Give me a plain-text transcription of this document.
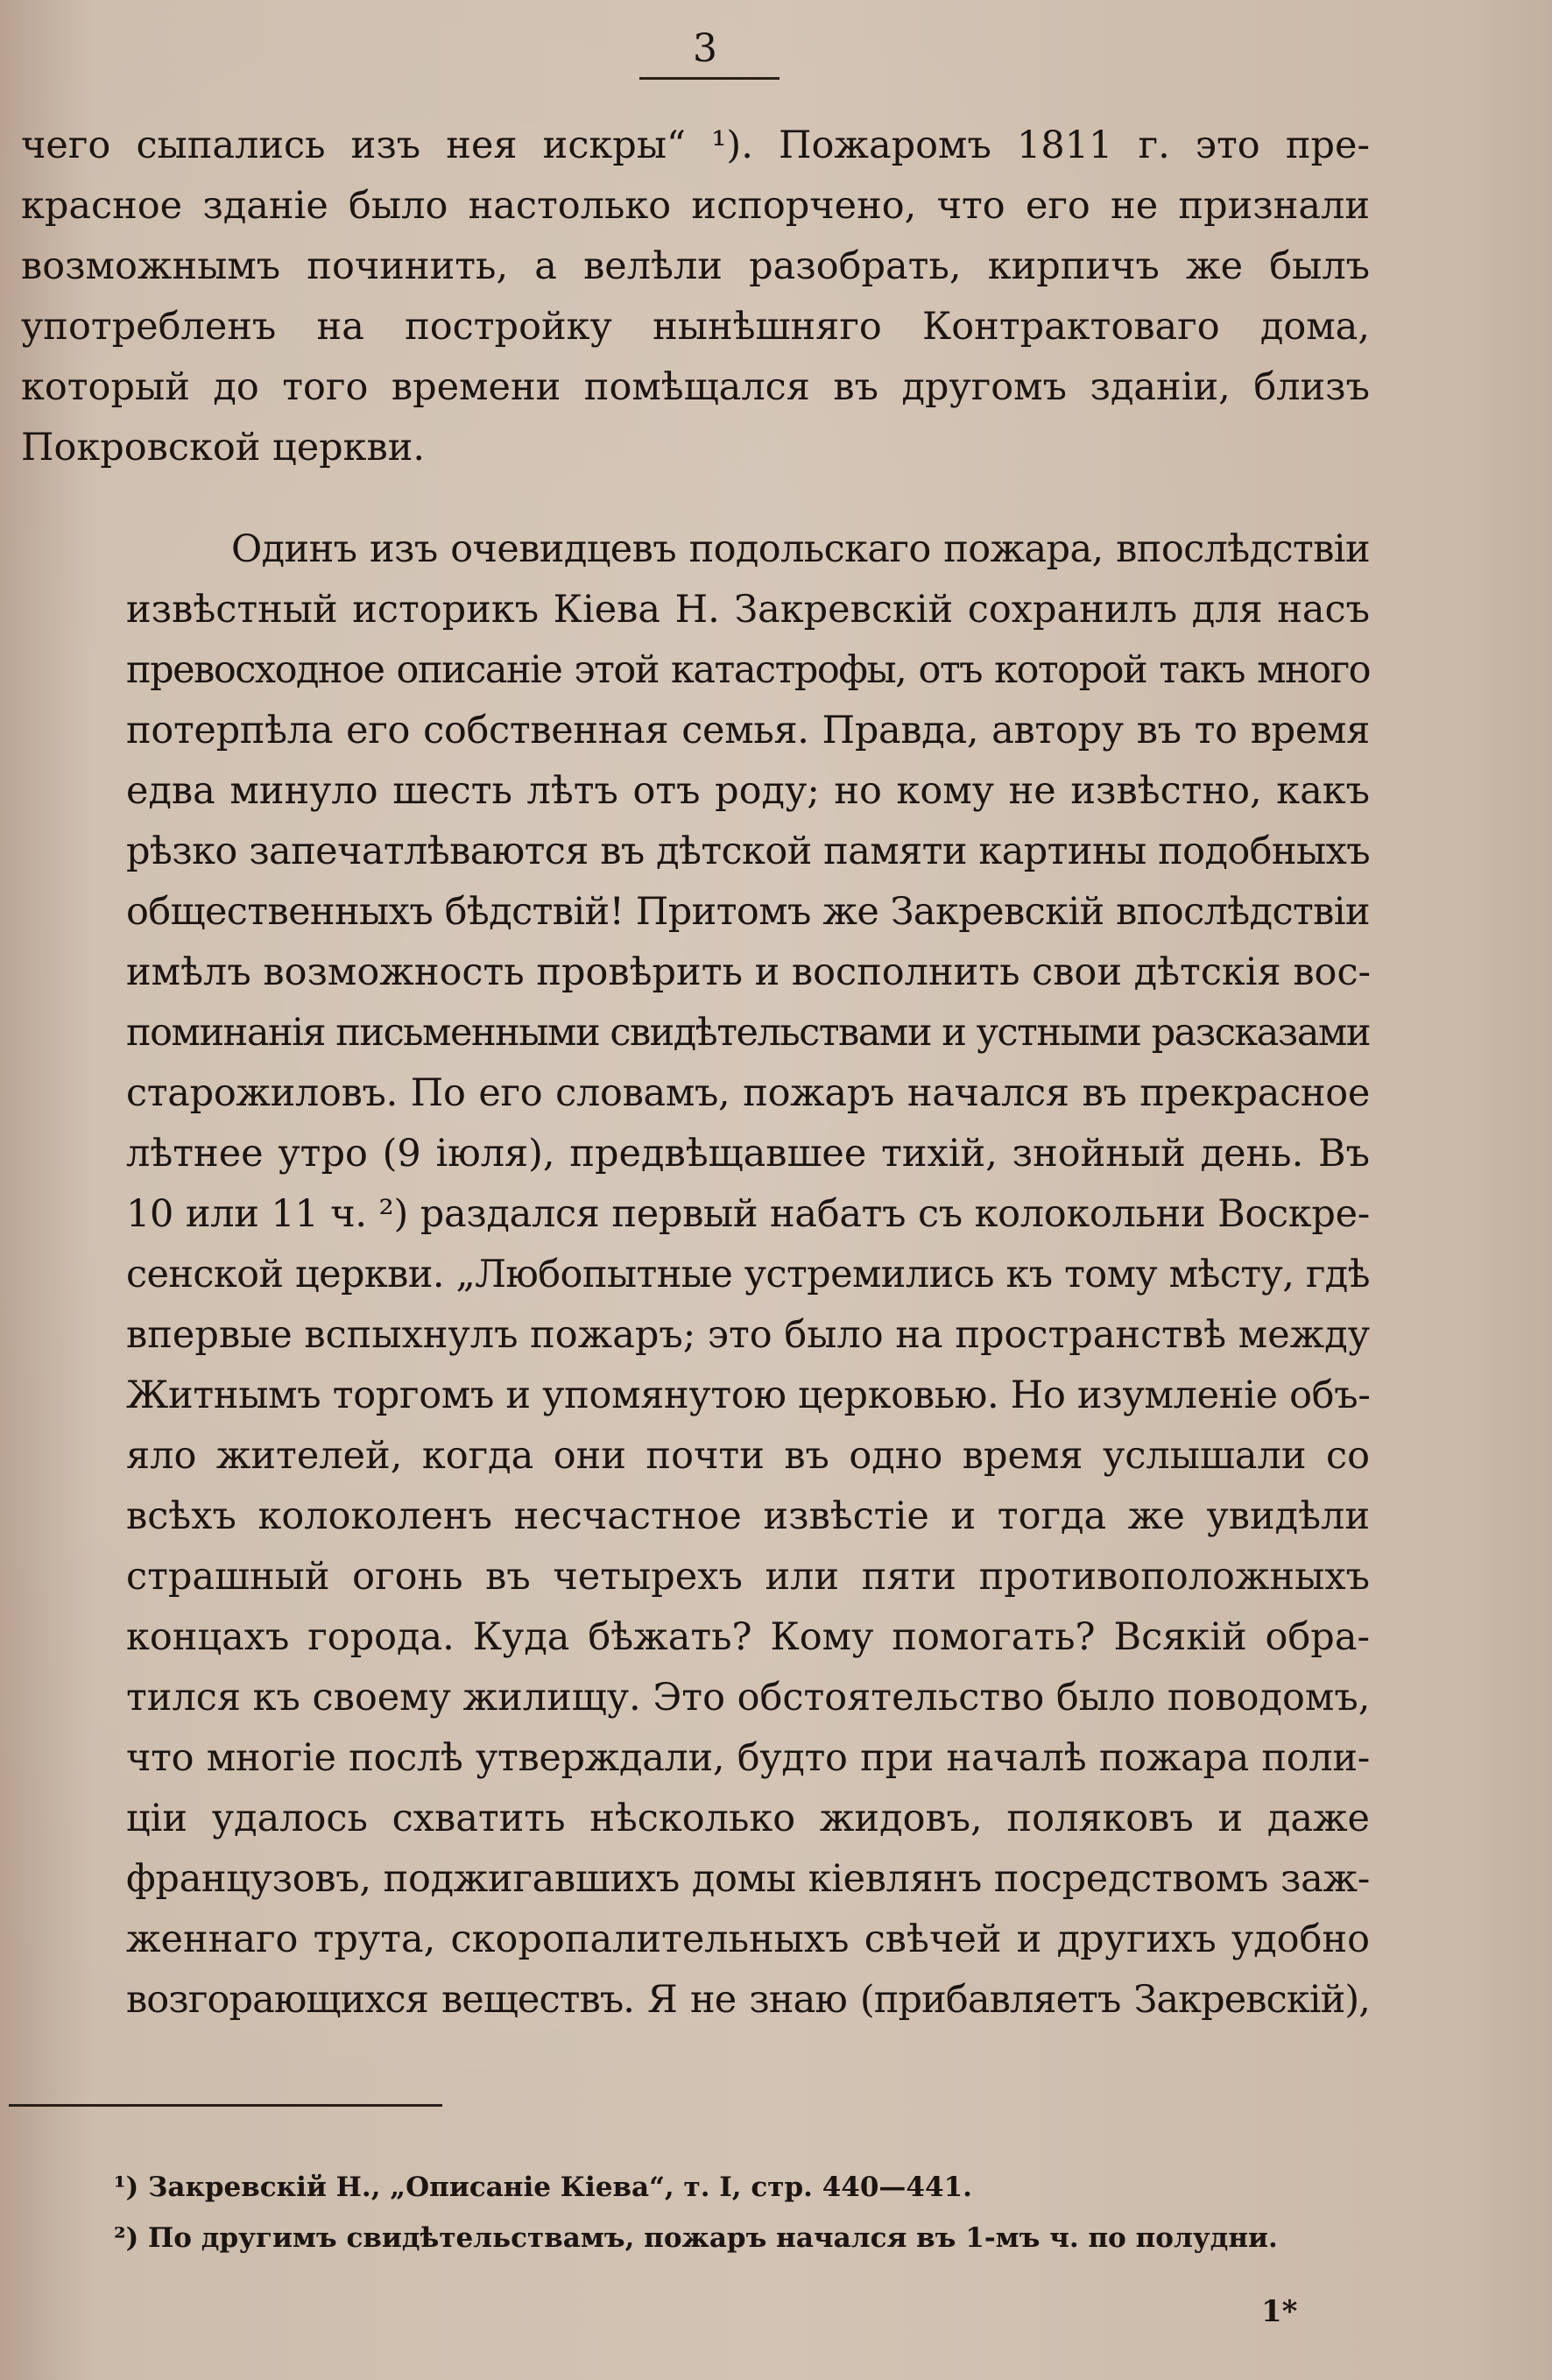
3

чего сыпались изъ нея искры“ ¹). Пожаромъ 1811 г. это пре-
красное зданіе было настолько испорчено, что его не признали
возможнымъ починить, а велѣли разобрать, кирпичъ же былъ
употребленъ на постройку нынѣшняго Контрактоваго дома,
который до того времени помѣщался въ другомъ зданіи, близъ
Покровской церкви.

Одинъ изъ очевидцевъ подольскаго пожара, впослѣдствіи
извѣстный историкъ Кіева Н. Закревскій сохранилъ для насъ
превосходное описаніе этой катастрофы, отъ которой такъ много
потерпѣла его собственная семья. Правда, автору въ то время
едва минуло шесть лѣтъ отъ роду; но кому не извѣстно, какъ
рѣзко запечатлѣваются въ дѣтской памяти картины подобныхъ
общественныхъ бѣдствій! Притомъ же Закревскій впослѣдствіи
имѣлъ возможность провѣрить и восполнить свои дѣтскія вос-
поминанія письменными свидѣтельствами и устными разсказами
старожиловъ. По его словамъ, пожаръ начался въ прекрасное
лѣтнее утро (9 іюля), предвѣщавшее тихій, знойный день. Въ
10 или 11 ч. ²) раздался первый набатъ съ колокольни Воскре-
сенской церкви. „Любопытные устремились къ тому мѣсту, гдѣ
впервые вспыхнулъ пожаръ; это было на пространствѣ между
Житнымъ торгомъ и упомянутою церковью. Но изумленіе объ-
яло жителей, когда они почти въ одно время услышали со
всѣхъ колоколенъ несчастное извѣстіе и тогда же увидѣли
страшный огонь въ четырехъ или пяти противоположныхъ
концахъ города. Куда бѣжать? Кому помогать? Всякій обра-
тился къ своему жилищу. Это обстоятельство было поводомъ,
что многіе послѣ утверждали, будто при началѣ пожара поли-
ціи удалось схватить нѣсколько жидовъ, поляковъ и даже
французовъ, поджигавшихъ домы кіевлянъ посредствомъ заж-
женнаго трута, скоропалительныхъ свѣчей и другихъ удобно
возгорающихся веществъ. Я не знаю (прибавляетъ Закревскій),

¹) Закревскій Н., „Описаніе Кіева“, т. I, стр. 440—441.
²) По другимъ свидѣтельствамъ, пожаръ начался въ 1-мъ ч. по полудни.
1*
